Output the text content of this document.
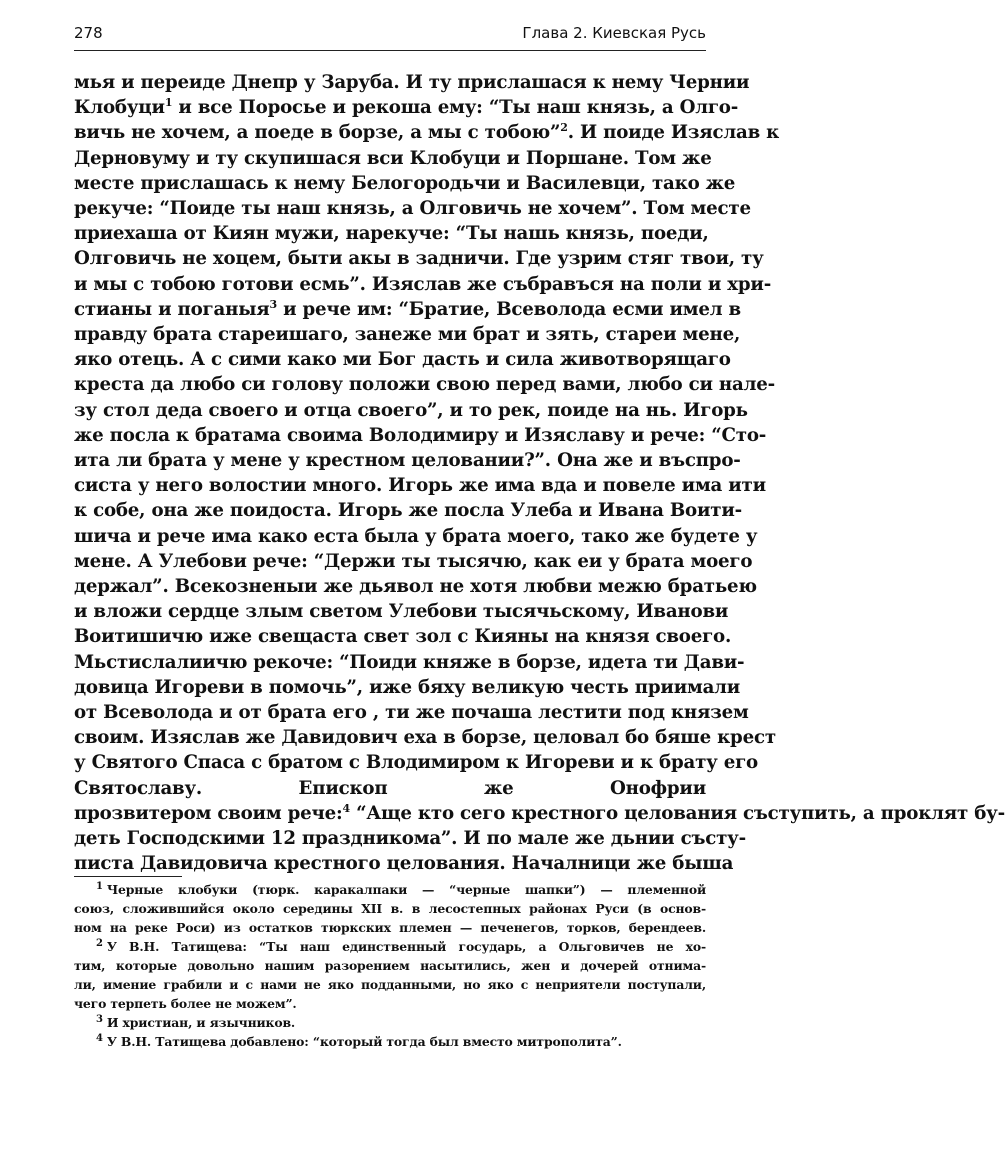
278	Глава 2. Киевская Русь
мья и переиде Днепр у Заруба. И ту прислашася к нему Чернии
Клобуци$^1$ и все Поросье и рекоша ему: “Ты наш князь, а Олго-
вичь не хочем, а поеде в борзе, а мы с тобою”$^2$. И поиде Изяслав к
Дерновуму и ту скупишася вси Клобуци и Поршане. Том же
месте прислашась к нему Белогородьчи и Василевци, тако же
рекуче: “Поиде ты наш князь, а Олговичь не хочем”. Том месте
приехаша от Киян мужи, нарекуче: “Ты нашь князь, поеди,
Олговичь не хоцем, быти акы в задничи. Где узрим стяг твои, ту
и мы с тобою готови есмь”. Изяслав же събравъся на поли и хри-
стианы и поганыя$^3$ и рече им: “Братие, Всеволода есми имел в
правду брата стареишаго, занеже ми брат и зять, стареи мене,
яко отець. А с сими како ми Бог дасть и сила животворящаго
креста да любо си голову положи свою перед вами, любо си нале-
зу стол деда своего и отца своего”, и то рек, поиде на нь. Игорь
же посла к братама своима Володимиру и Изяславу и рече: “Сто-
ита ли брата у мене у крестном целовании?”. Она же и въспро-
систа у него волостии много. Игорь же има вда и повеле има ити
к собе, она же поидоста. Игорь же посла Улеба и Ивана Воити-
шича и рече има како еста была у брата моего, тако же будете у
мене. А Улебови рече: “Держи ты тысячю, как еи у брата моего
держал”. Всекозненыи же дьявол не хотя любви межю братьею
и вложи сердце злым светом Улебови тысячьскому, Иванови
Воитишичю иже свещаста свет зол с Кияны на князя своего.
Мьстислалиичю рекоче: “Поиди княже в борзе, идета ти Дави-
довица Игореви в помочь”, иже бяху великую честь приимали
от Всеволода и от брата его , ти же почаша лестити под князем
своим. Изяслав же Давидович еха в борзе, целовал бо бяше крест
у Святого Спаса с братом с Влодимиром к Игореви и к брату его
Святославу. Епископ же Онофрии
прозвитером своим рече:$^4$ “Аще кто сего крестного целования съступить, а проклят бу-
деть Господскими 12 праздникома”. И по мале же дьнии състу-
писта Давидовича крестного целования. Началници же быша
$^1$ Черные клобуки (тюрк. каракалпаки — “черные шапки”) — племенной
союз, сложившийся около середины XII в. в лесостепных районах Руси (в основ-
ном на реке Роси) из остатков тюркских племен — печенегов, торков, берендеев.
$^2$ У В.Н. Татищева: “Ты наш единственный государь, а Ольговичев не хо-
тим, которые довольно нашим разорением насытились, жен и дочерей отнима-
ли, имение грабили и с нами не яко подданными, но яко с неприятели поступали,
чего терпеть более не можем”.
$^3$ И христиан, и язычников.
$^4$ У В.Н. Татищева добавлено: “который тогда был вместо митрополита”.
